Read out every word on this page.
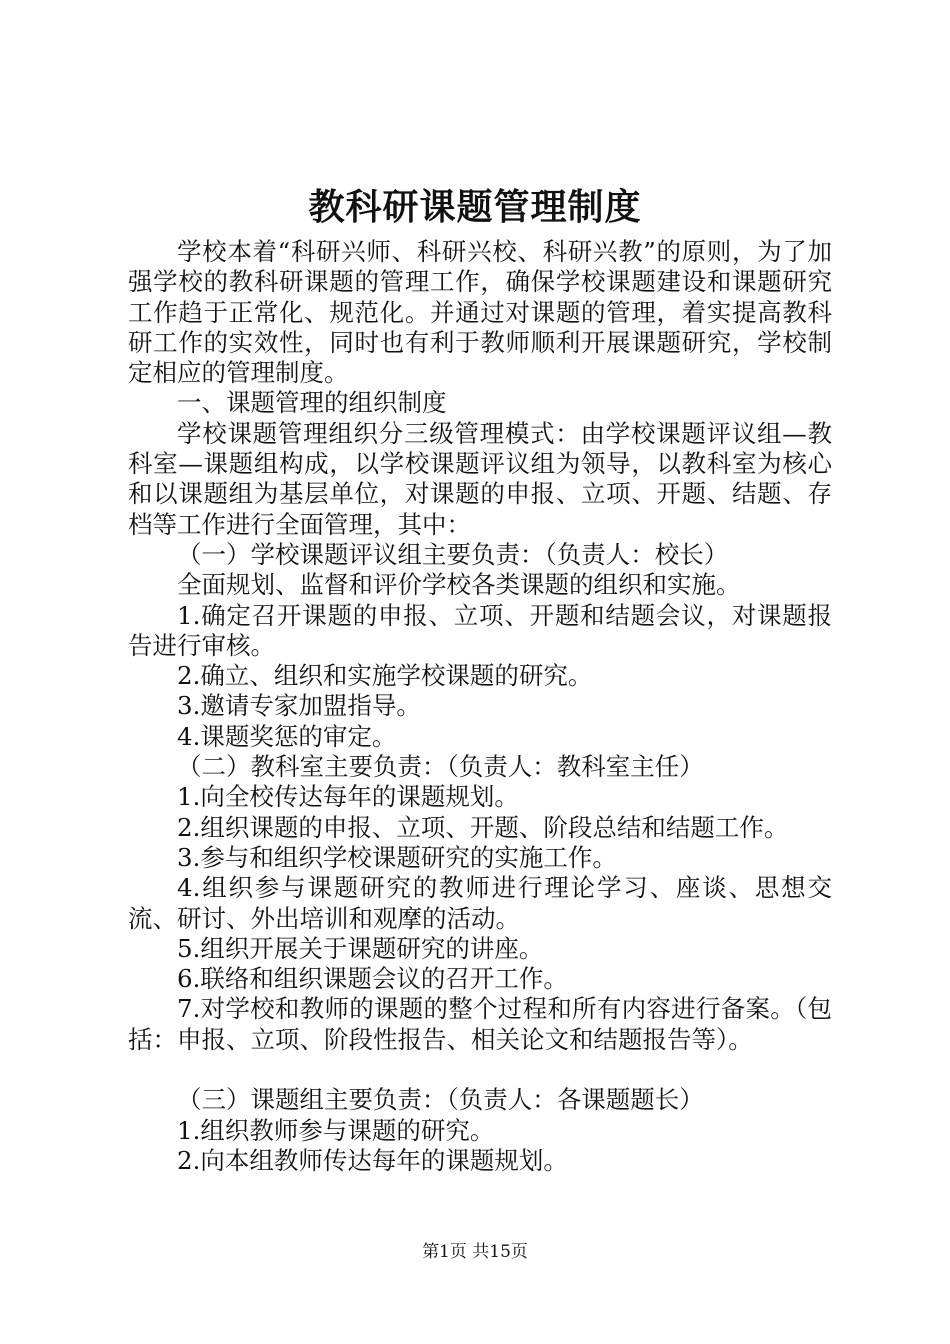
教科研课题管理制度

学校本着“科研兴师、科研兴校、科研兴教”的原则，为了加强学校的教科研课题的管理工作，确保学校课题建设和课题研究工作趋于正常化、规范化。并通过对课题的管理，着实提高教科研工作的实效性，同时也有利于教师顺利开展课题研究，学校制定相应的管理制度。

一、课题管理的组织制度

学校课题管理组织分三级管理模式：由学校课题评议组—教科室—课题组构成，以学校课题评议组为领导，以教科室为核心和以课题组为基层单位，对课题的申报、立项、开题、结题、存档等工作进行全面管理，其中：

（一）学校课题评议组主要负责：（负责人：校长）

全面规划、监督和评价学校各类课题的组织和实施。

1.确定召开课题的申报、立项、开题和结题会议，对课题报告进行审核。

2.确立、组织和实施学校课题的研究。

3.邀请专家加盟指导。

4.课题奖惩的审定。

（二）教科室主要负责：（负责人：教科室主任）

1.向全校传达每年的课题规划。

2.组织课题的申报、立项、开题、阶段总结和结题工作。

3.参与和组织学校课题研究的实施工作。

4.组织参与课题研究的教师进行理论学习、座谈、思想交流、研讨、外出培训和观摩的活动。

5.组织开展关于课题研究的讲座。

6.联络和组织课题会议的召开工作。

7.对学校和教师的课题的整个过程和所有内容进行备案。（包括：申报、立项、阶段性报告、相关论文和结题报告等）。

（三）课题组主要负责：（负责人：各课题题长）

1.组织教师参与课题的研究。

2.向本组教师传达每年的课题规划。

第1页 共15页
